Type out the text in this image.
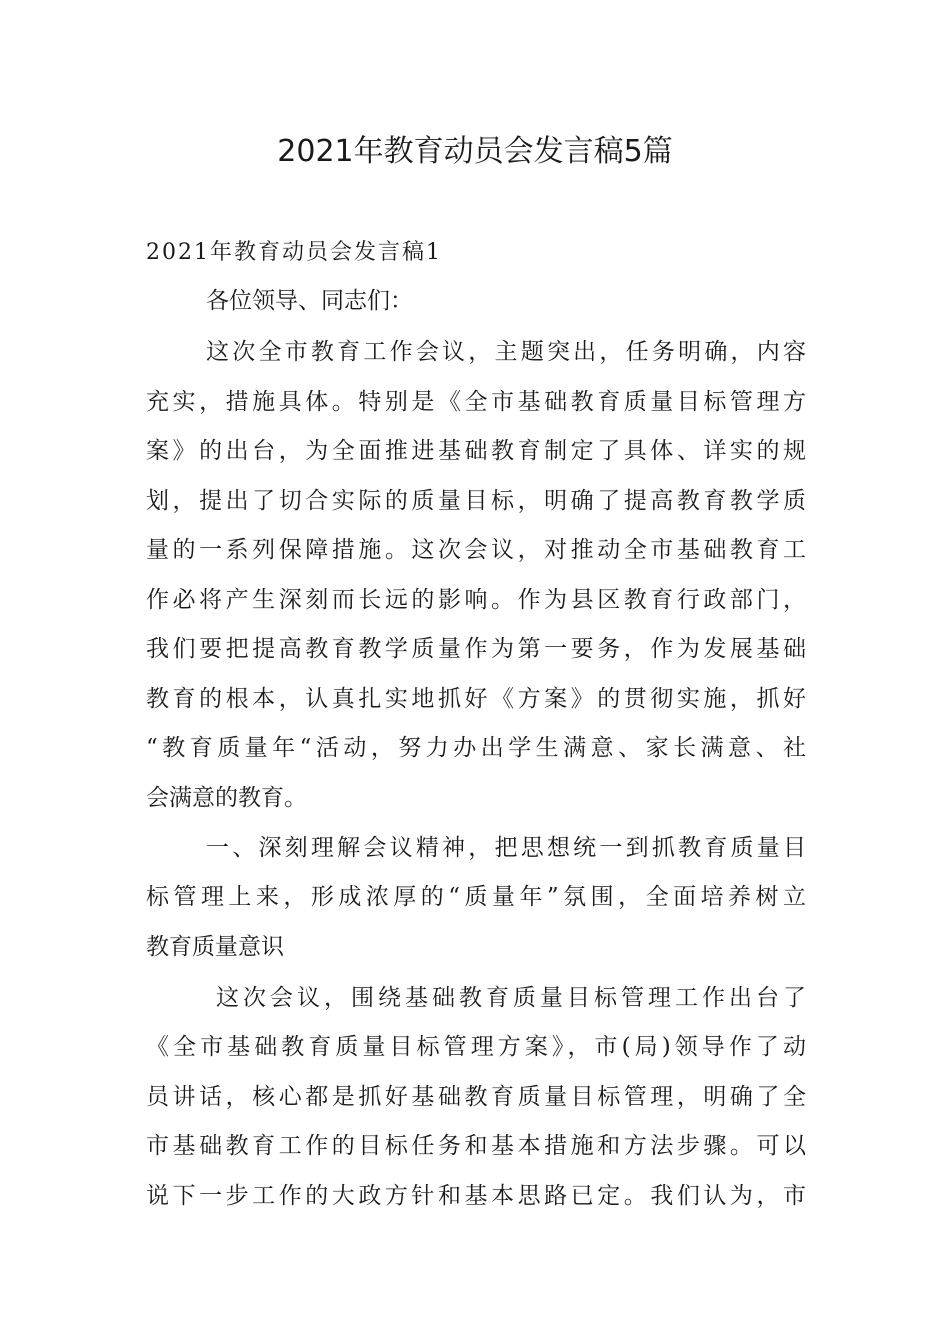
2021年教育动员会发言稿5篇
2021年教育动员会发言稿1
各位领导、同志们：
这次全市教育工作会议，主题突出，任务明确，内容
充实，措施具体。特别是《全市基础教育质量目标管理方
案》的出台，为全面推进基础教育制定了具体、详实的规
划，提出了切合实际的质量目标，明确了提高教育教学质
量的一系列保障措施。这次会议，对推动全市基础教育工
作必将产生深刻而长远的影响。作为县区教育行政部门，
我们要把提高教育教学质量作为第一要务，作为发展基础
教育的根本，认真扎实地抓好《方案》的贯彻实施，抓好
“教育质量年“活动，努力办出学生满意、家长满意、社
会满意的教育。
一、深刻理解会议精神，把思想统一到抓教育质量目
标管理上来，形成浓厚的“质量年”氛围，全面培养树立
教育质量意识
这次会议，围绕基础教育质量目标管理工作出台了
《全市基础教育质量目标管理方案》，市(局)领导作了动
员讲话，核心都是抓好基础教育质量目标管理，明确了全
市基础教育工作的目标任务和基本措施和方法步骤。可以
说下一步工作的大政方针和基本思路已定。我们认为，市
